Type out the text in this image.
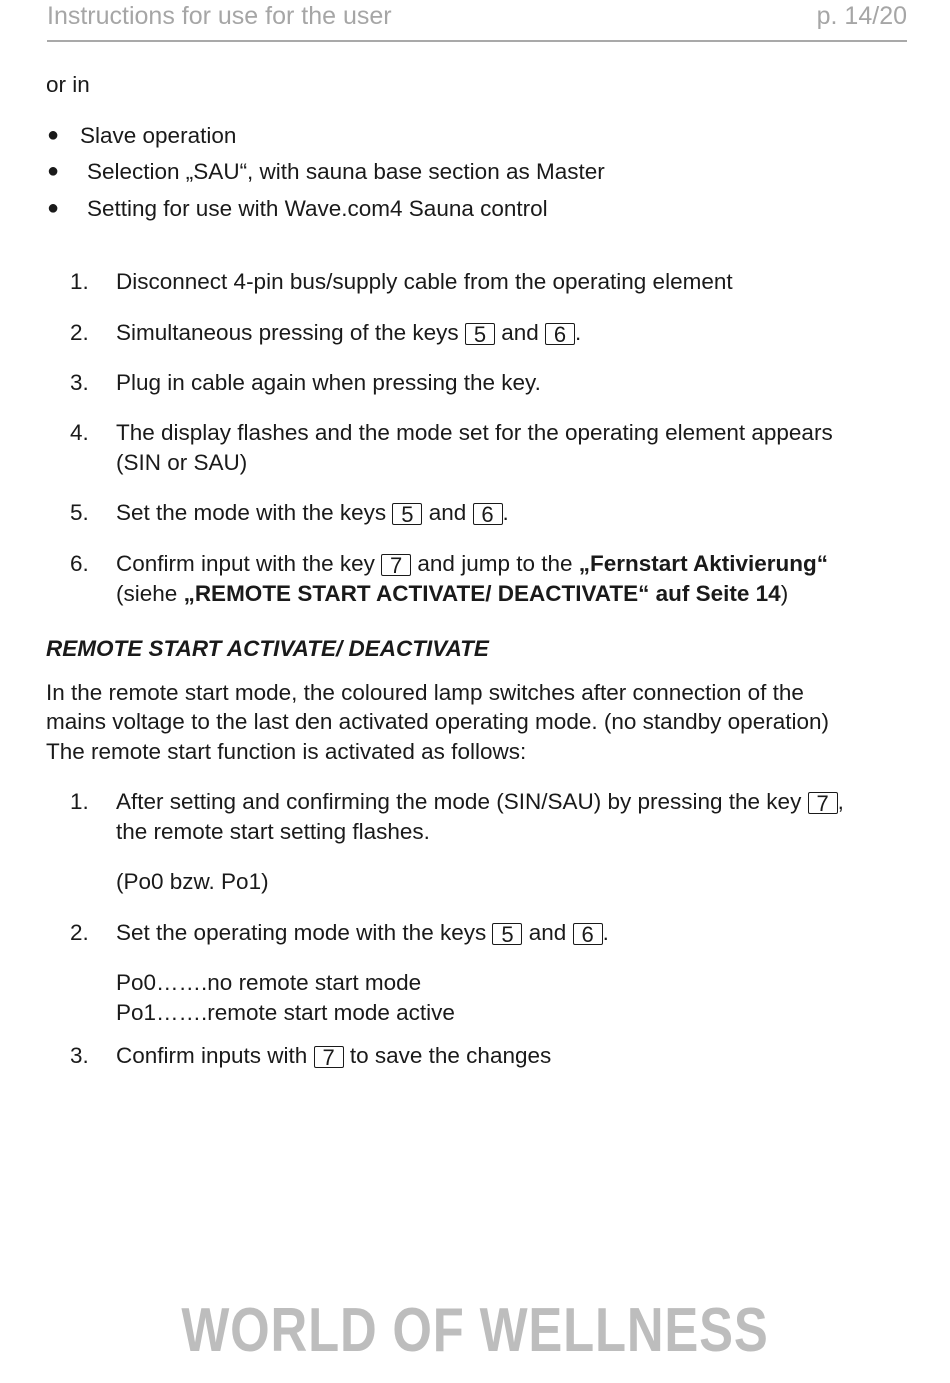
Instructions for use for the user	p. 14/20
or in
● Slave operation
● Selection „SAU“, with sauna base section as Master
● Setting for use with Wave.com4 Sauna control
1. Disconnect 4-pin bus/supply cable from the operating element
2. Simultaneous pressing of the keys 5 and 6 .
3. Plug in cable again when pressing the key.
4. The display flashes and the mode set for the operating element appears
(SIN or SAU)
5. Set the mode with the keys 5 and 6 .
6. Confirm input with the key 7 and jump to the „Fernstart Aktivierung“
(siehe „REMOTE START ACTIVATE/ DEACTIVATE“ auf Seite 14)
REMOTE START ACTIVATE/ DEACTIVATE
In the remote start mode, the coloured lamp switches after connection of the
mains voltage to the last den activated operating mode. (no standby operation)
The remote start function is activated as follows:
1. After setting and confirming the mode (SIN/SAU) by pressing the key 7 ,
the remote start setting flashes.
(Po0 bzw. Po1)
2. Set the operating mode with the keys 5 and 6 .
Po0…….no remote start mode
Po1…….remote start mode active
3. Confirm inputs with 7 to save the changes
WORLD OF WELLNESS
